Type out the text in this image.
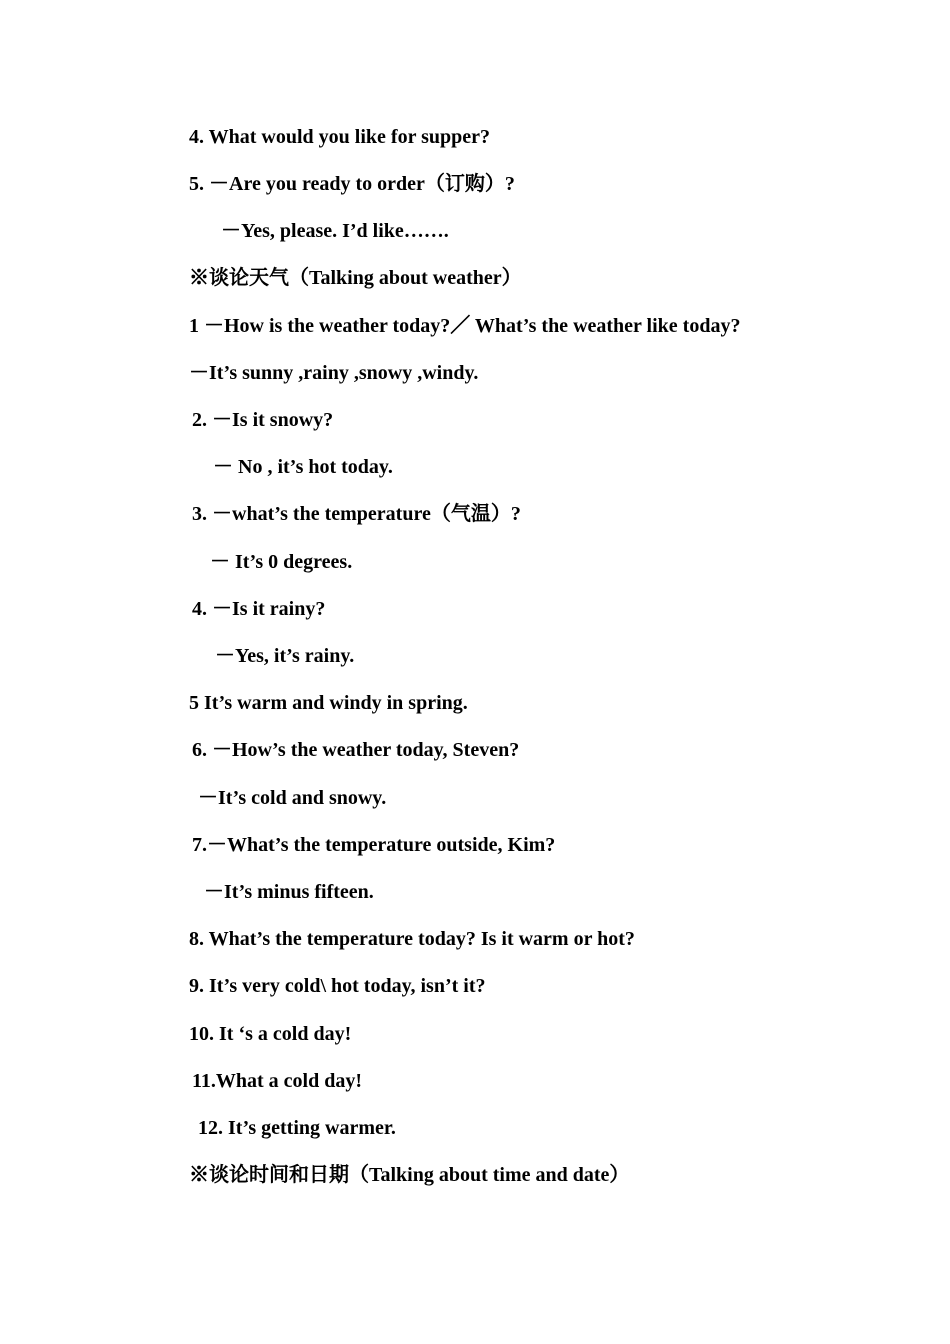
4. What would you like for supper?
5. －Are you ready to order（订购）?
－Yes, please. I’d like…….
※谈论天气（Talking about weather）
1 －How is the weather today?／ What’s the weather like today?
－It’s sunny ,rainy ,snowy ,windy.
2. －Is it snowy?
－ No , it’s hot today.
3. －what’s the temperature（气温）?
－ It’s 0 degrees.
4. －Is it rainy?
－Yes, it’s rainy.
5 It’s warm and windy in spring.
6. －How’s the weather today, Steven?
－It’s cold and snowy.
7.－What’s the temperature outside, Kim?
－It’s minus fifteen.
8. What’s the temperature today? Is it warm or hot?
9. It’s very cold\ hot today, isn’t it?
10. It ‘s a cold day!
11.What a cold day!
12. It’s getting warmer.
※谈论时间和日期（Talking about time and date）
